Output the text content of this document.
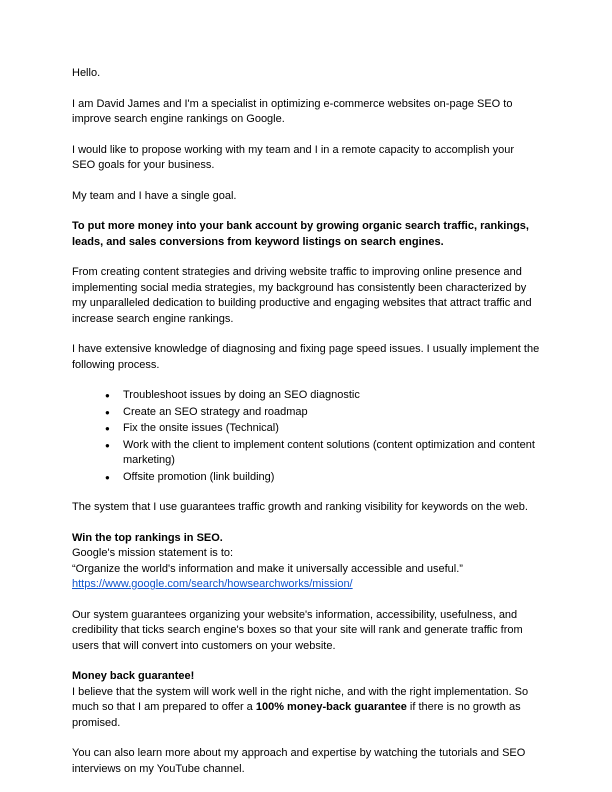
Hello.

I am David James and I'm a specialist in optimizing e-commerce websites on-page SEO to improve search engine rankings on Google.

I would like to propose working with my team and I in a remote capacity to accomplish your SEO goals for your business.

My team and I have a single goal.

To put more money into your bank account by growing organic search traffic, rankings, leads, and sales conversions from keyword listings on search engines.

From creating content strategies and driving website traffic to improving online presence and implementing social media strategies, my background has consistently been characterized by my unparalleled dedication to building productive and engaging websites that attract traffic and increase search engine rankings.

I have extensive knowledge of diagnosing and fixing page speed issues. I usually implement the following process.

● Troubleshoot issues by doing an SEO diagnostic
● Create an SEO strategy and roadmap
● Fix the onsite issues (Technical)
● Work with the client to implement content solutions (content optimization and content marketing)
● Offsite promotion (link building)

The system that I use guarantees traffic growth and ranking visibility for keywords on the web.

Win the top rankings in SEO.
Google's mission statement is to:
“Organize the world's information and make it universally accessible and useful.”
https://www.google.com/search/howsearchworks/mission/

Our system guarantees organizing your website's information, accessibility, usefulness, and credibility that ticks search engine's boxes so that your site will rank and generate traffic from users that will convert into customers on your website.

Money back guarantee!
I believe that the system will work well in the right niche, and with the right implementation. So much so that I am prepared to offer a 100% money-back guarantee if there is no growth as promised.

You can also learn more about my approach and expertise by watching the tutorials and SEO interviews on my YouTube channel.
